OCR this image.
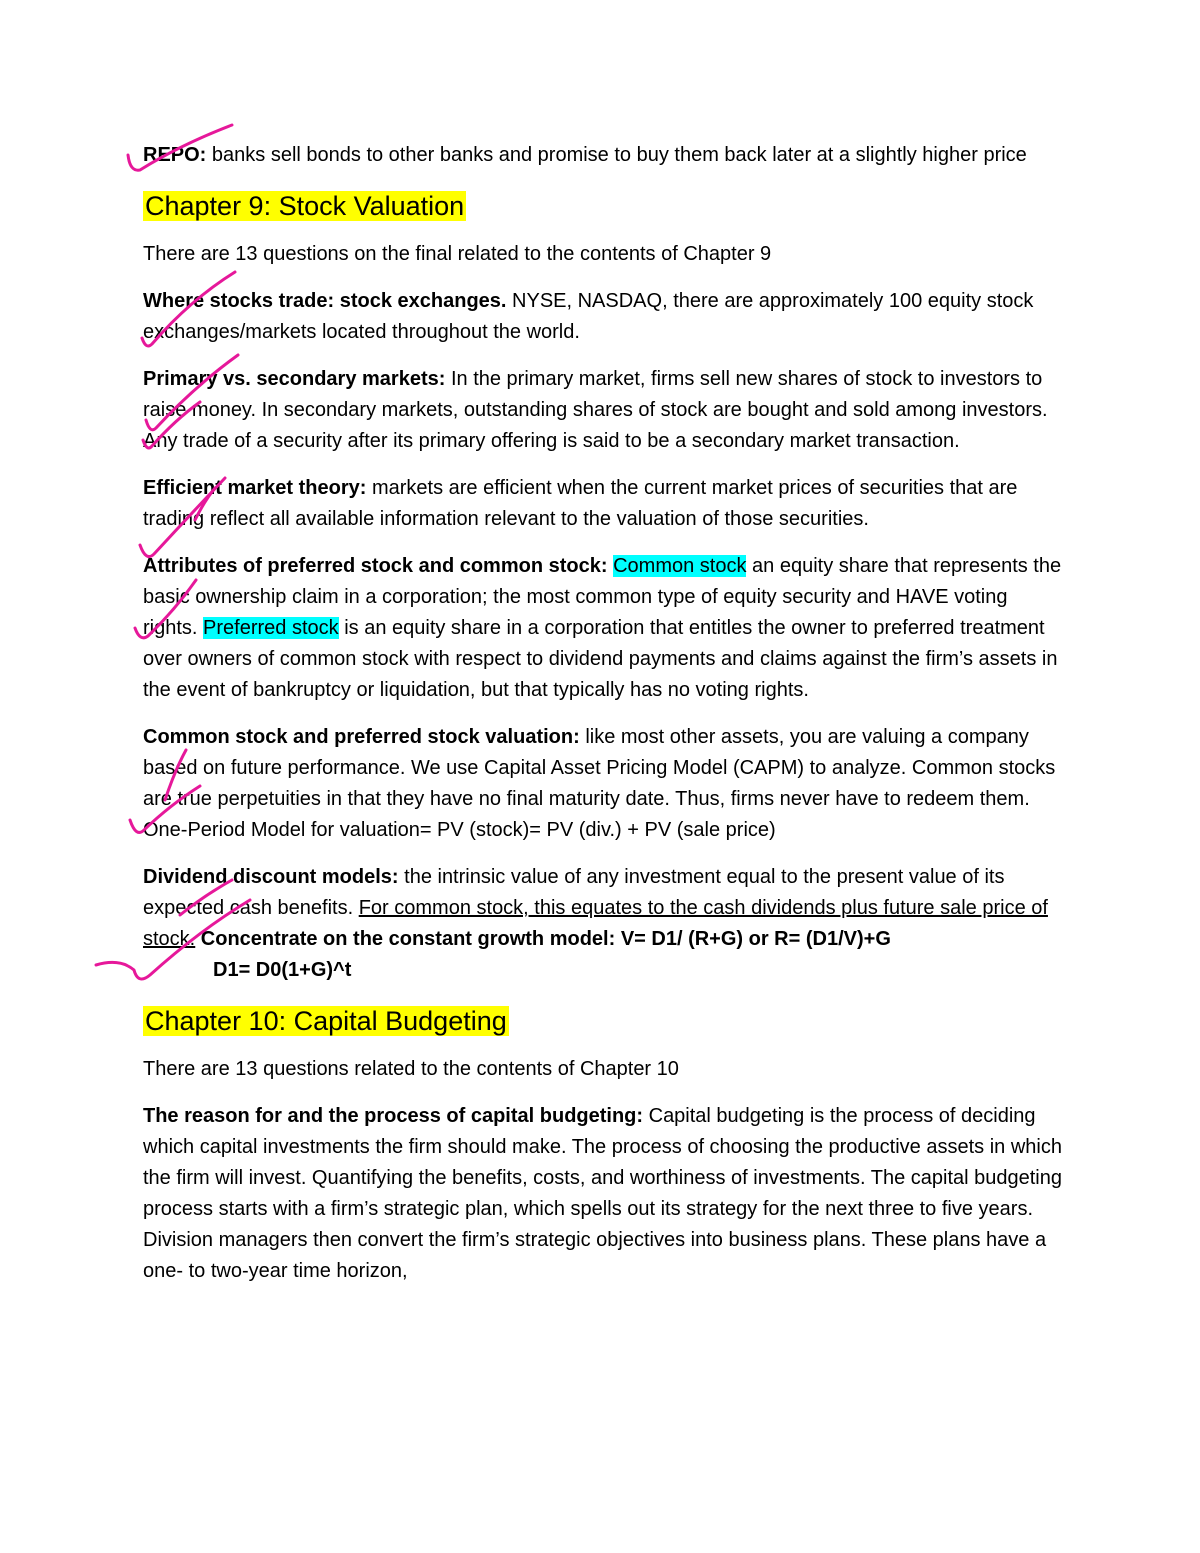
REPO: banks sell bonds to other banks and promise to buy them back later at a slightly higher price

Chapter 9: Stock Valuation

There are 13 questions on the final related to the contents of Chapter 9

Where stocks trade: stock exchanges. NYSE, NASDAQ, there are approximately 100 equity stock exchanges/markets located throughout the world.

Primary vs. secondary markets: In the primary market, firms sell new shares of stock to investors to raise money. In secondary markets, outstanding shares of stock are bought and sold among investors. Any trade of a security after its primary offering is said to be a secondary market transaction.

Efficient market theory: markets are efficient when the current market prices of securities that are trading reflect all available information relevant to the valuation of those securities.

Attributes of preferred stock and common stock: Common stock an equity share that represents the basic ownership claim in a corporation; the most common type of equity security and HAVE voting rights. Preferred stock is an equity share in a corporation that entitles the owner to preferred treatment over owners of common stock with respect to dividend payments and claims against the firm’s assets in the event of bankruptcy or liquidation, but that typically has no voting rights.

Common stock and preferred stock valuation: like most other assets, you are valuing a company based on future performance. We use Capital Asset Pricing Model (CAPM) to analyze. Common stocks are true perpetuities in that they have no final maturity date. Thus, firms never have to redeem them. One-Period Model for valuation= PV (stock)= PV (div.) + PV (sale price)

Dividend discount models: the intrinsic value of any investment equal to the present value of its expected cash benefits. For common stock, this equates to the cash dividends plus future sale price of stock. Concentrate on the constant growth model: V= D1/ (R+G) or R= (D1/V)+G
D1= D0(1+G)^t

Chapter 10: Capital Budgeting

There are 13 questions related to the contents of Chapter 10

The reason for and the process of capital budgeting: Capital budgeting is the process of deciding which capital investments the firm should make. The process of choosing the productive assets in which the firm will invest. Quantifying the benefits, costs, and worthiness of investments. The capital budgeting process starts with a firm’s strategic plan, which spells out its strategy for the next three to five years. Division managers then convert the firm’s strategic objectives into business plans. These plans have a one- to two-year time horizon,
